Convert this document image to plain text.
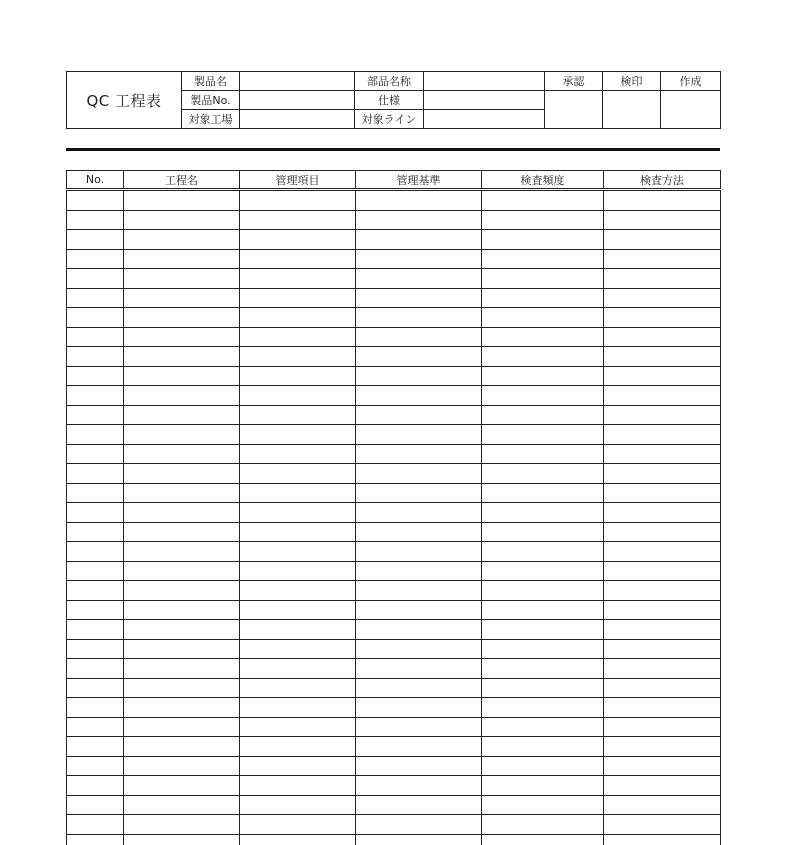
QC 工程表	製品名		部品名称		承認	検印	作成
	製品No.		仕様				
	対象工場		対象ライン				
No.	工程名	管理項目	管理基準	検査頻度	検査方法
